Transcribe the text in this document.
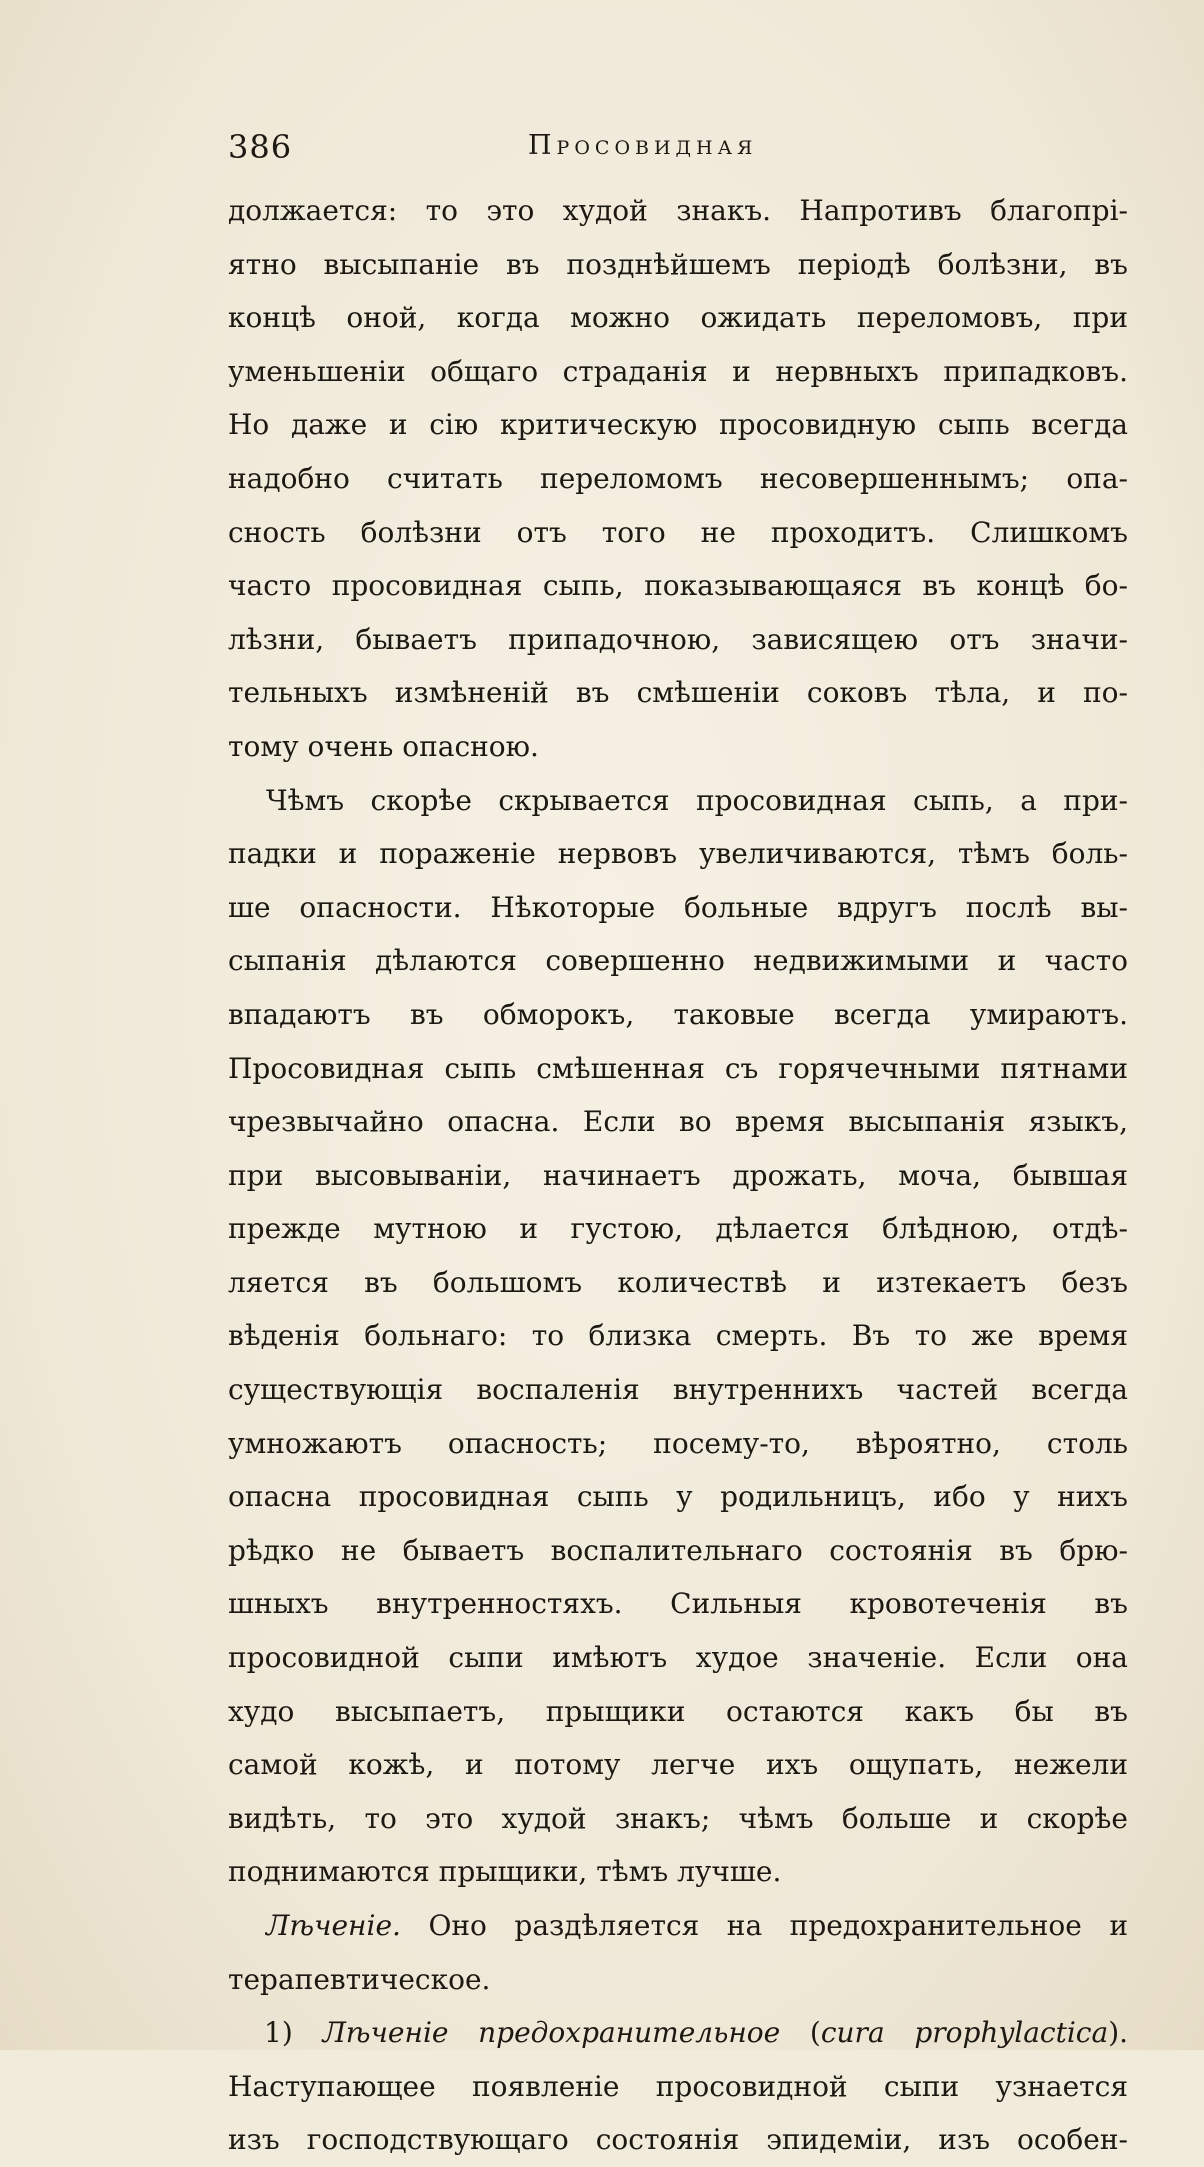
386	Просовидная
должается: то это худой знакъ. Напротивъ благопрі-
ятно высыпаніе въ позднѣйшемъ періодѣ болѣзни, въ
концѣ оной, когда можно ожидать переломовъ, при
уменьшеніи общаго страданія и нервныхъ припадковъ.
Но даже и сію критическую просовидную сыпь всегда
надобно считать переломомъ несовершеннымъ; опа-
сность болѣзни отъ того не проходитъ. Слишкомъ
часто просовидная сыпь, показывающаяся въ концѣ бо-
лѣзни, бываетъ припадочною, зависящею отъ значи-
тельныхъ измѣненій въ смѣшеніи соковъ тѣла, и по-
тому очень опасною.
Чѣмъ скорѣе скрывается просовидная сыпь, а при-
падки и пораженіе нервовъ увеличиваются, тѣмъ боль-
ше опасности. Нѣкоторые больные вдругъ послѣ вы-
сыпанія дѣлаются совершенно недвижимыми и часто
впадаютъ въ обморокъ, таковые всегда умираютъ.
Просовидная сыпь смѣшенная съ горячечными пятнами
чрезвычайно опасна. Если во время высыпанія языкъ,
при высовываніи, начинаетъ дрожать, моча, бывшая
прежде мутною и густою, дѣлается блѣдною, отдѣ-
ляется въ большомъ количествѣ и изтекаетъ безъ
вѣденія больнаго: то близка смерть. Въ то же время
существующія воспаленія внутреннихъ частей всегда
умножаютъ опасность; посему-то, вѣроятно, столь
опасна просовидная сыпь у родильницъ, ибо у нихъ
рѣдко не бываетъ воспалительнаго состоянія въ брю-
шныхъ внутренностяхъ. Сильныя кровотеченія въ
просовидной сыпи имѣютъ худое значеніе. Если она
худо высыпаетъ, прыщики остаются какъ бы въ
самой кожѣ, и потому легче ихъ ощупать, нежели
видѣть, то это худой знакъ; чѣмъ больше и скорѣе
поднимаются прыщики, тѣмъ лучше.
Лѣченіе. Оно раздѣляется на предохранительное и
терапевтическое.
1) Лѣченіе предохранительное (cura prophylactica).
Наступающее появленіе просовидной сыпи узнается
изъ господствующаго состоянія эпидеміи, изъ особен-
